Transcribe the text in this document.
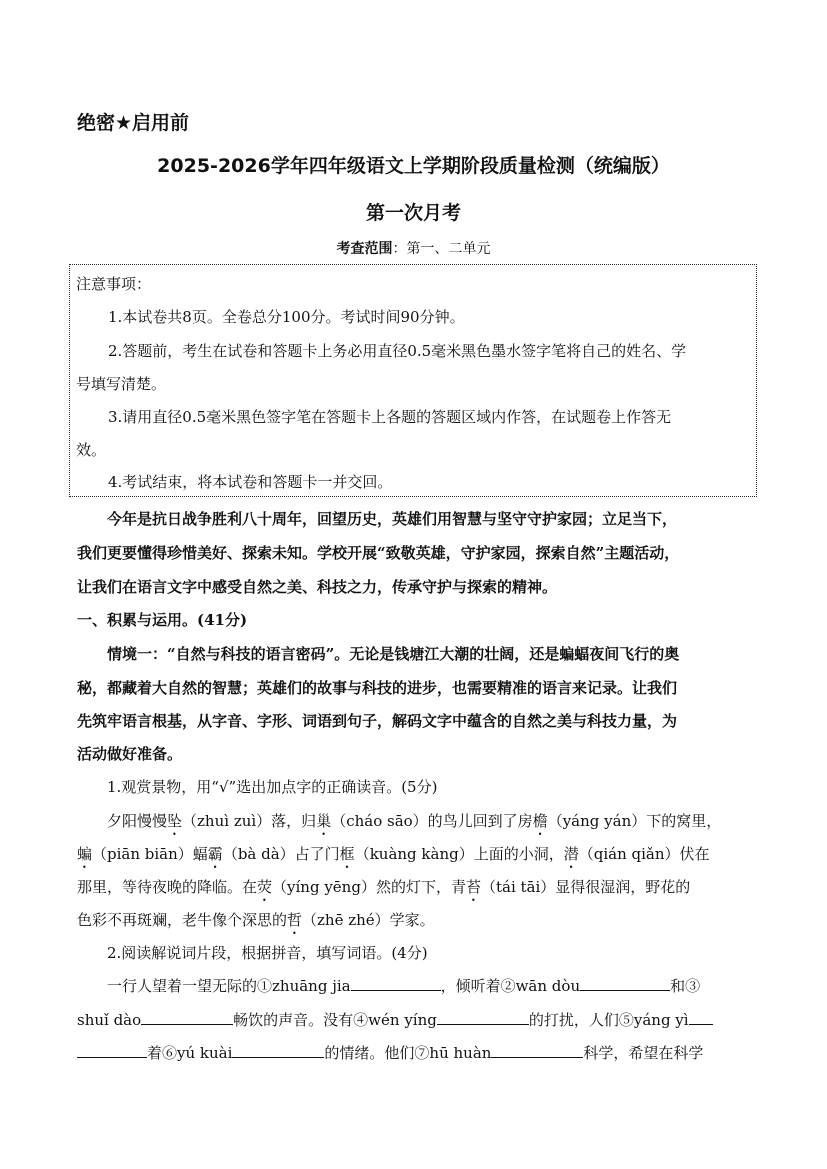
绝密★启用前
2025-2026学年四年级语文上学期阶段质量检测（统编版）
第一次月考
考查范围：第一、二单元
注意事项：
1.本试卷共8页。全卷总分100分。考试时间90分钟。
2.答题前，考生在试卷和答题卡上务必用直径0.5毫米黑色墨水签字笔将自己的姓名、学
号填写清楚。
3.请用直径0.5毫米黑色签字笔在答题卡上各题的答题区域内作答，在试题卷上作答无
效。
4.考试结束，将本试卷和答题卡一并交回。
今年是抗日战争胜利八十周年，回望历史，英雄们用智慧与坚守守护家园；立足当下，
我们更要懂得珍惜美好、探索未知。学校开展“致敬英雄，守护家园，探索自然”主题活动，
让我们在语言文字中感受自然之美、科技之力，传承守护与探索的精神。
一、积累与运用。(41分)
情境一：“自然与科技的语言密码”。无论是钱塘江大潮的壮阔，还是蝙蝠夜间飞行的奥
秘，都藏着大自然的智慧；英雄们的故事与科技的进步，也需要精准的语言来记录。让我们
先筑牢语言根基，从字音、字形、词语到句子，解码文字中蕴含的自然之美与科技力量，为
活动做好准备。
1.观赏景物，用“√”选出加点字的正确读音。(5分)
夕阳慢慢坠（zhuì zuì）落，归巢（cháo sāo）的鸟儿回到了房檐（yáng yán）下的窝里，
蝙（piān biān）蝠霸（bà dà）占了门框（kuàng kàng）上面的小洞，潜（qián qiǎn）伏在
那里，等待夜晚的降临。在荧（yíng yēng）然的灯下，青苔（tái tāi）显得很湿润，野花的
色彩不再斑斓，老牛像个深思的哲（zhē zhé）学家。
2.阅读解说词片段，根据拼音，填写词语。(4分)
一行人望着一望无际的①zhuāng jia	，倾听着②wān dòu	和③
shuǐ dào	畅饮的声音。没有④wén yíng	的打扰，人们⑤yáng yì
着⑥yú kuài	的情绪。他们⑦hū huàn	科学，希望在科学
